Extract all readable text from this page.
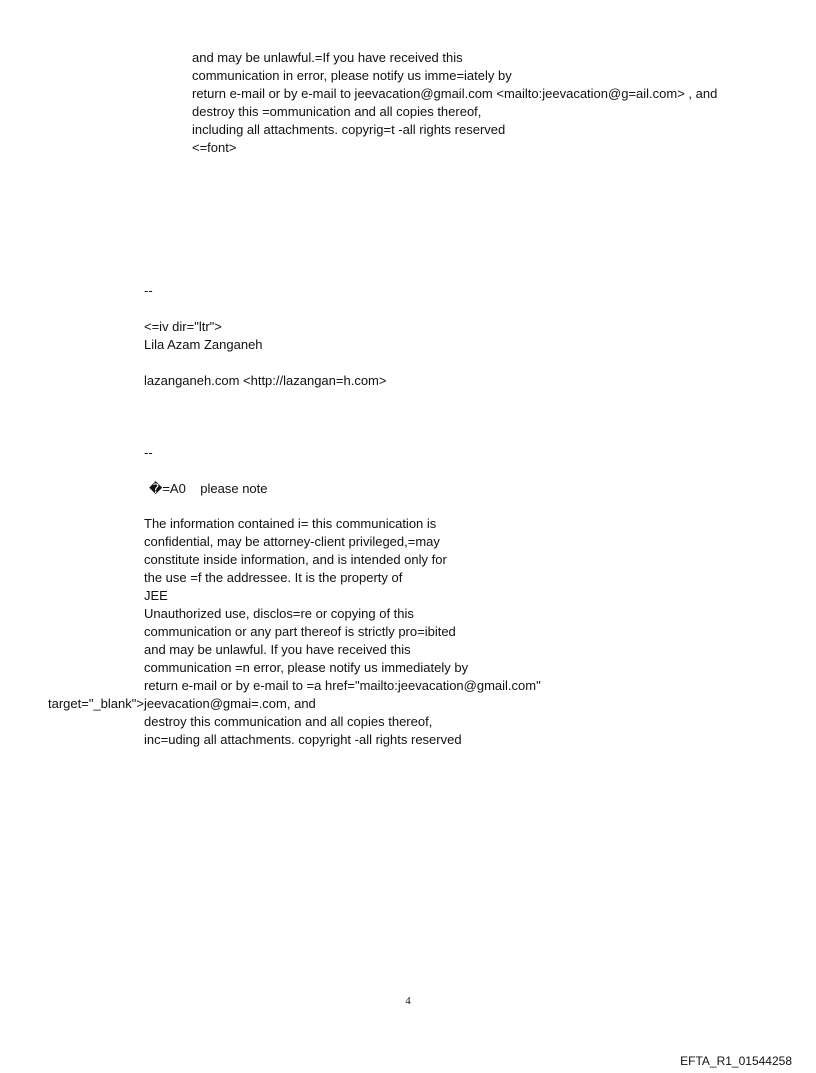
and may be unlawful.=If you have received this

communication in error, please notify us imme=iately by

return e-mail or by e-mail to jeevacation@gmail.com <mailto:jeevacation@g=ail.com> , and

destroy this =ommunication and all copies thereof,

including all attachments. copyrig=t -all rights reserved

<=font>

--

<=iv dir="ltr">

Lila Azam Zanganeh

lazanganeh.com <http://lazangan=h.com>

--

�=A0    please note

The information contained i= this communication is

confidential, may be attorney-client privileged,=may

constitute inside information, and is intended only for

the use =f the addressee. It is the property of

JEE

Unauthorized use, disclos=re or copying of this

communication or any part thereof is strictly pro=ibited

and may be unlawful. If you have received this

communication =n error, please notify us immediately by

return e-mail or by e-mail to =a href="mailto:jeevacation@gmail.com"

target="_blank">jeevacation@gmai=.com, and

destroy this communication and all copies thereof,

inc=uding all attachments. copyright -all rights reserved

4
EFTA_R1_01544258
